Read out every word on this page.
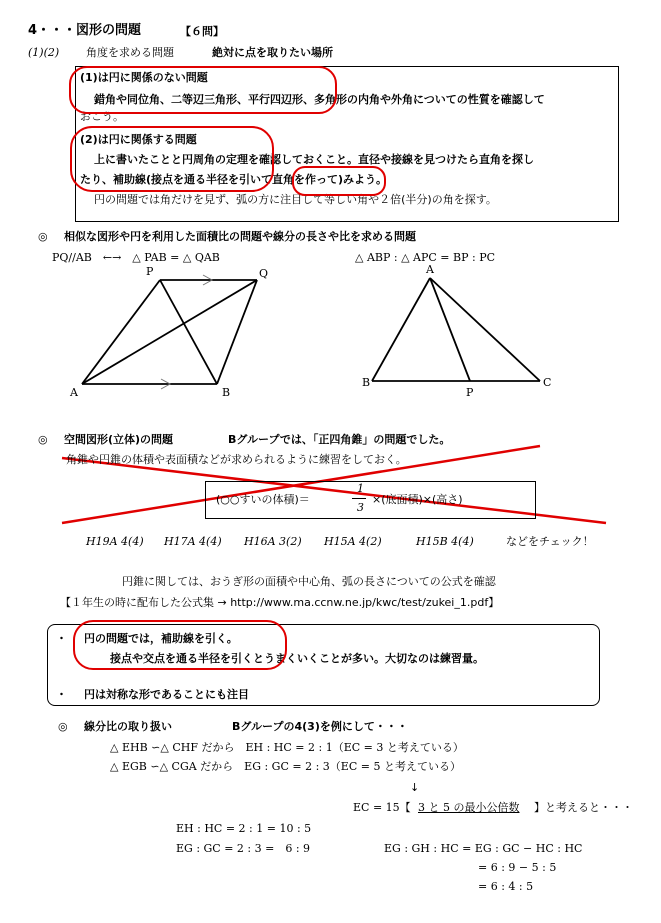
4・・・図形の問題	【６問】
(1)(2) 角度を求める問題	絶対に点を取りたい場所
(1)は円に関係のない問題
錯角や同位角、二等辺三角形、平行四辺形、多角形の内角や外角についての性質を確認して
おこう。
(2)は円に関係する問題
上に書いたことと円周角の定理を確認しておくこと。直径や接線を見つけたら直角を探し
たり、補助線(接点を通る半径を引いて直角を作って)みよう。
円の問題では角だけを見ず、弧の方に注目して等しい角や２倍(半分)の角を探す。
◎ 相似な図形や円を利用した面積比の問題や線分の長さや比を求める問題
PQ//AB　←→　△ PAB = △ QAB	△ ABP : △ APC = BP : PC
P	Q
A	B
A
B	C
P
◎ 空間図形(立体)の問題	Bグループでは、「正四角錐」の問題でした。
角錐や円錐の体積や表面積などが求められるように練習をしておく。
(○○すいの体積)＝
1
3
×(底面積)×(高さ)
H19A 4(4) H17A 4(4) H16A 3(2) H15A 4(2)	H15B 4(4)	などをチェック！
円錐に関しては、おうぎ形の面積や中心角、弧の長さについての公式を確認
【１年生の時に配布した公式集 → http://www.ma.ccnw.ne.jp/kwc/test/zukei_1.pdf】
・ 円の問題では，補助線を引く。
接点や交点を通る半径を引くとうまくいくことが多い。大切なのは練習量。
・ 円は対称な形であることにも注目
◎ 線分比の取り扱い	Bグループの4(3)を例にして・・・
△ EHB ∽△ CHF だから　EH : HC = 2 : 1（EC = 3 と考えている）
△ EGB ∽△ CGA だから　EG : GC = 2 : 3（EC = 5 と考えている）
↓
EC = 15【 3 と 5 の最小公倍数 】と考えると・・・
EH : HC = 2 : 1 = 10 : 5
EG : GC = 2 : 3 =　6 : 9	EG : GH : HC = EG : GC − HC : HC
= 6 : 9 − 5 : 5
= 6 : 4 : 5
